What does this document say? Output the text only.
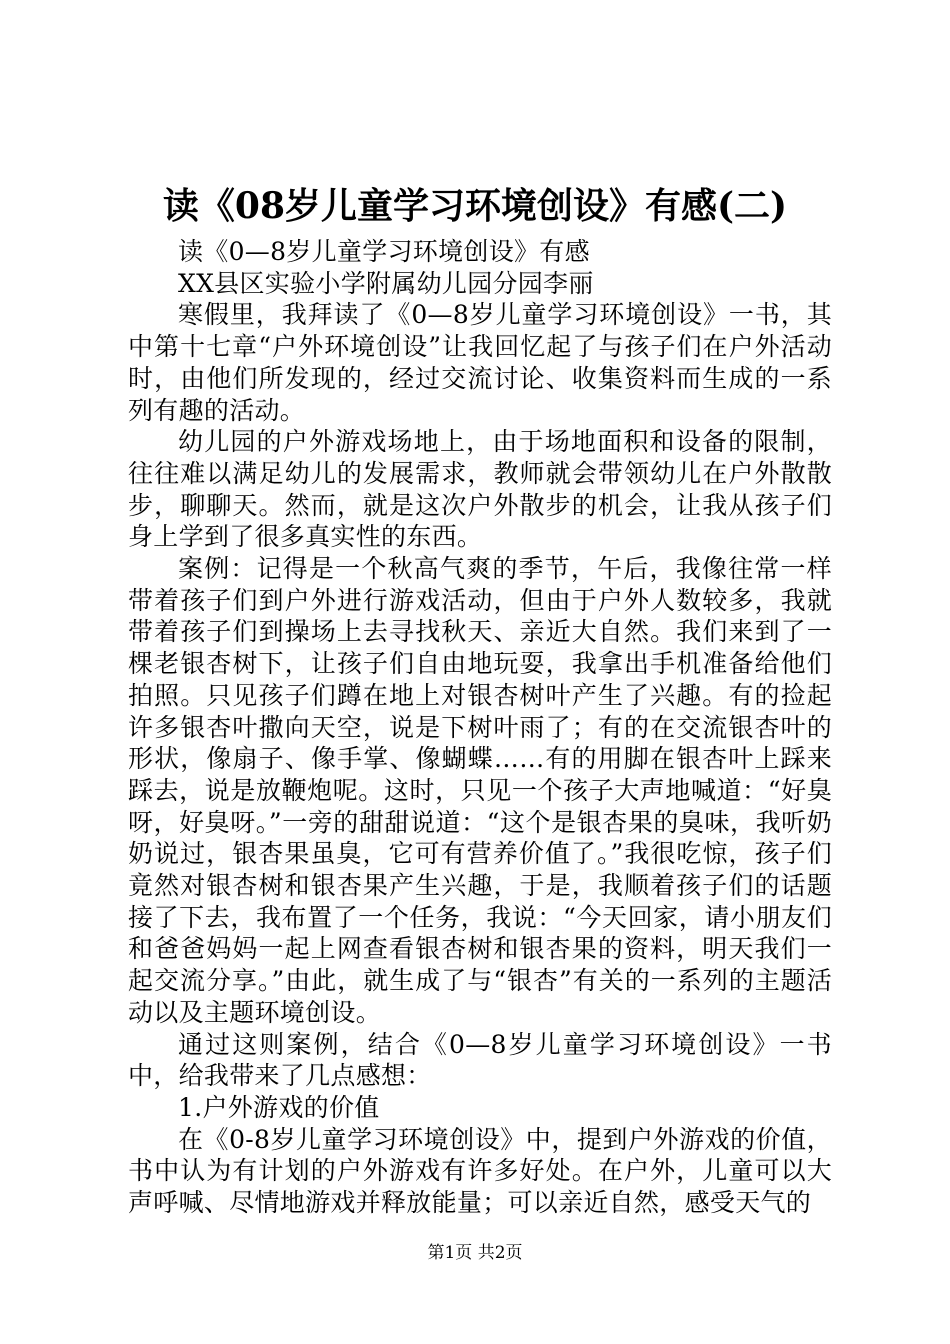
读《08岁儿童学习环境创设》有感(二)

读《0—8岁儿童学习环境创设》有感

XX县区实验小学附属幼儿园分园李丽

寒假里，我拜读了《0—8岁儿童学习环境创设》一书，其中第十七章“户外环境创设”让我回忆起了与孩子们在户外活动时，由他们所发现的，经过交流讨论、收集资料而生成的一系列有趣的活动。

幼儿园的户外游戏场地上，由于场地面积和设备的限制，往往难以满足幼儿的发展需求，教师就会带领幼儿在户外散散步，聊聊天。然而，就是这次户外散步的机会，让我从孩子们身上学到了很多真实性的东西。

案例：记得是一个秋高气爽的季节，午后，我像往常一样带着孩子们到户外进行游戏活动，但由于户外人数较多，我就带着孩子们到操场上去寻找秋天、亲近大自然。我们来到了一棵老银杏树下，让孩子们自由地玩耍，我拿出手机准备给他们拍照。只见孩子们蹲在地上对银杏树叶产生了兴趣。有的捡起许多银杏叶撒向天空，说是下树叶雨了；有的在交流银杏叶的形状，像扇子、像手掌、像蝴蝶……有的用脚在银杏叶上踩来踩去，说是放鞭炮呢。这时，只见一个孩子大声地喊道：“好臭呀，好臭呀。”一旁的甜甜说道：“这个是银杏果的臭味，我听奶奶说过，银杏果虽臭，它可有营养价值了。”我很吃惊，孩子们竟然对银杏树和银杏果产生兴趣，于是，我顺着孩子们的话题接了下去，我布置了一个任务，我说：“今天回家，请小朋友们和爸爸妈妈一起上网查看银杏树和银杏果的资料，明天我们一起交流分享。”由此，就生成了与“银杏”有关的一系列的主题活动以及主题环境创设。

通过这则案例，结合《0—8岁儿童学习环境创设》一书中，给我带来了几点感想：

1.户外游戏的价值

在《0-8岁儿童学习环境创设》中，提到户外游戏的价值，书中认为有计划的户外游戏有许多好处。在户外，儿童可以大声呼喊、尽情地游戏并释放能量；可以亲近自然，感受天气的

第1页 共2页
